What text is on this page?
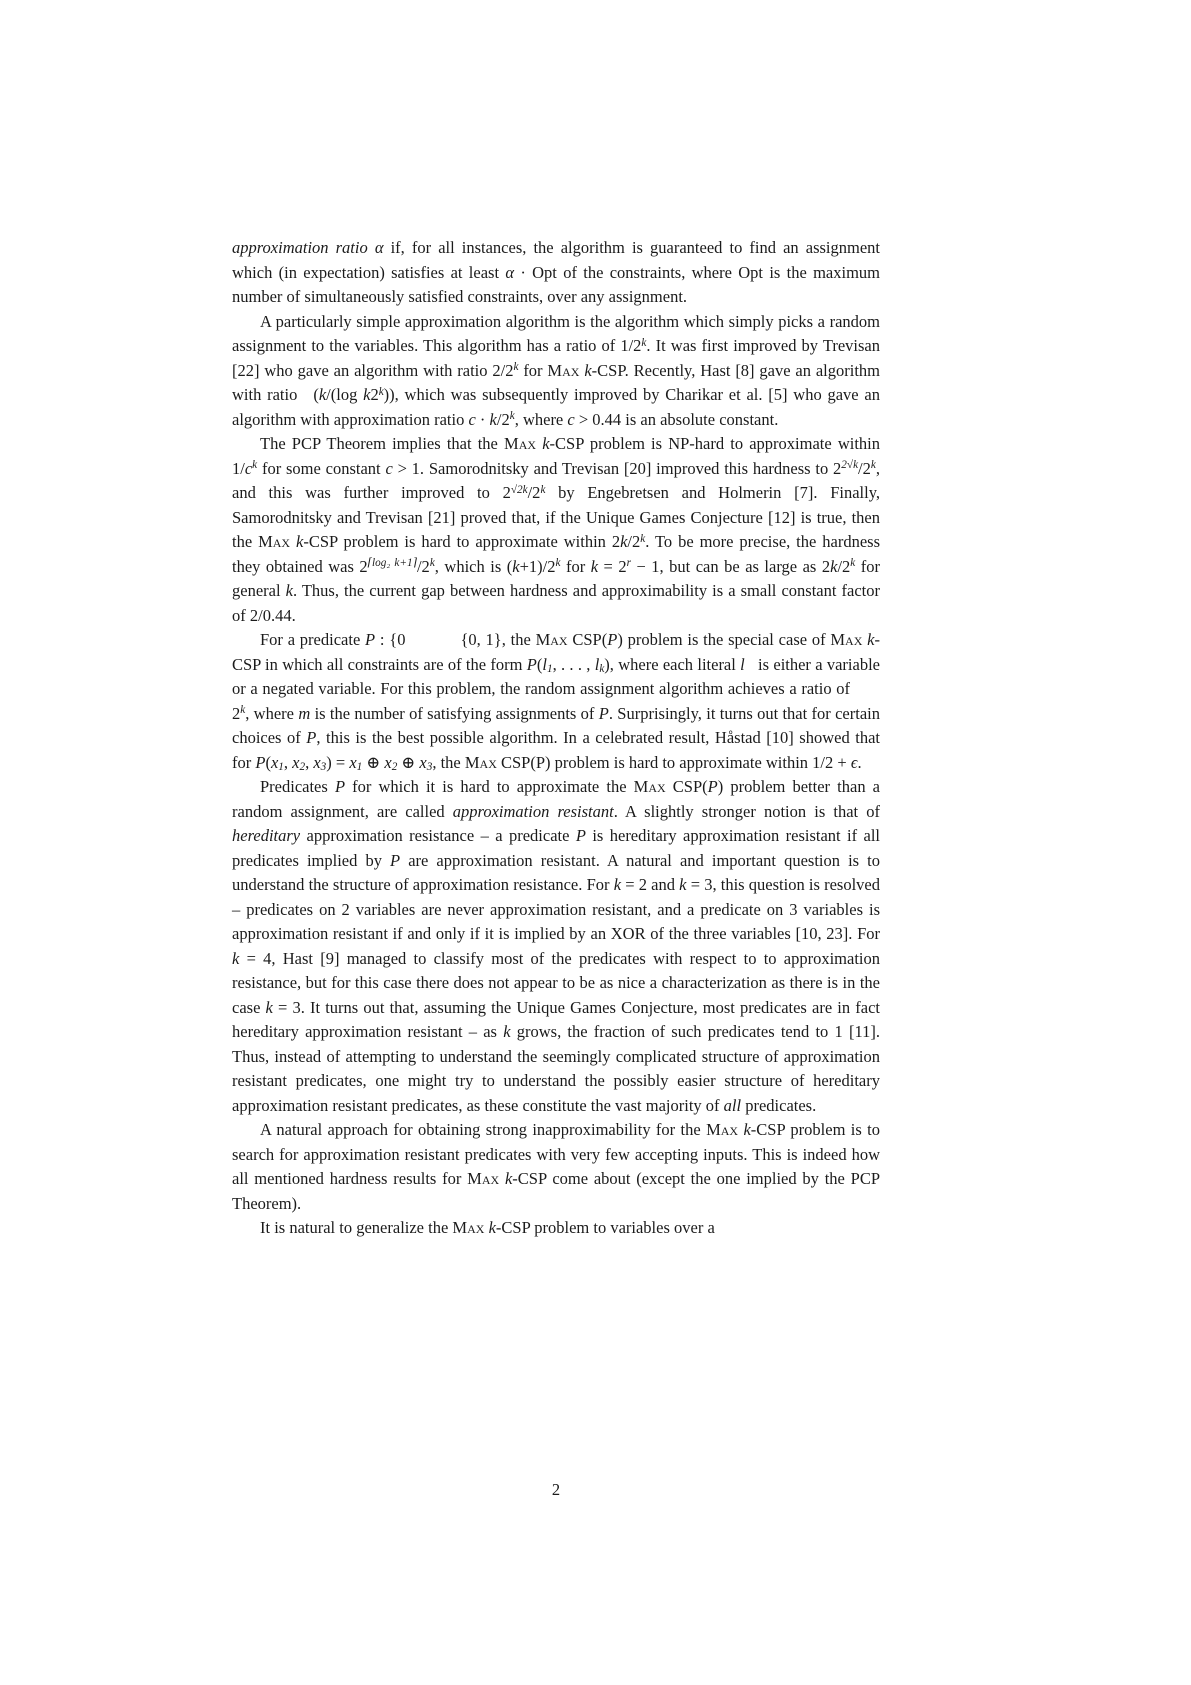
approximation ratio α if, for all instances, the algorithm is guaranteed to find an assignment which (in expectation) satisfies at least α · Opt of the constraints, where Opt is the maximum number of simultaneously satisfied constraints, over any assignment.

A particularly simple approximation algorithm is the algorithm which simply picks a random assignment to the variables. This algorithm has a ratio of 1/2$^k$. It was first improved by Trevisan [22] who gave an algorithm with ratio 2/2$^k$ for Max k-CSP. Recently, Hast [8] gave an algorithm with ratio (k/(log k2$^k$)), which was subsequently improved by Charikar et al. [5] who gave an algorithm with approximation ratio $c \cdot k/2^k$, where c > 0.44 is an absolute constant.

The PCP Theorem implies that the Max k-CSP problem is NP-hard to approximate within $1/c^k$ for some constant c > 1. Samorodnitsky and Trevisan [20] improved this hardness to $2^{2√k}/2^k$, and this was further improved to $2^{√2k}/2^k$ by Engebretsen and Holmerin [7]. Finally, Samorodnitsky and Trevisan [21] proved that, if the Unique Games Conjecture [12] is true, then the Max k-CSP problem is hard to approximate within 2k/2$^k$. To be more precise, the hardness they obtained was $2^{⌈log_2 k+1⌉}/2^k$, which is $(k+1)/2^k$ for $k = 2^r - 1$, but can be as large as 2k/2$^k$ for general k. Thus, the current gap between hardness and approximability is a small constant factor of 2/0.44.

For a predicate P : {0	{0, 1}, the Max CSP(P) problem is the special case of Max k-CSP in which all constraints are of the form $P(l_1$, . . . , $l_k$), where each literal l is either a variable or a negated variable. For this problem, the random assignment algorithm achieves a ratio of2$^k$, where m is the number of satisfying assignments of P. Surprisingly, it turns out that for certain choices of P, this is the best possible algorithm. In a celebrated result, Håstad [10] showed that for $P(x_1$, $x_2$, $x_3) = x_1$ ⊕ $x_2$ ⊕ $x_3$, the Max CSP(P) problem is hard to approximate within 1/2 + ϵ.

Predicates P for which it is hard to approximate the Max CSP(P) problem better than a random assignment, are called approximation resistant. A slightly stronger notion is that of hereditary approximation resistance – a predicate P is hereditary approximation resistant if all predicates implied by P are approximation resistant. A natural and important question is to understand the structure of approximation resistance. For k = 2 and k = 3, this question is resolved – predicates on 2 variables are never approximation resistant, and a predicate on 3 variables is approximation resistant if and only if it is implied by an XOR of the three variables [10, 23]. For k = 4, Hast [9] managed to classify most of the predicates with respect to to approximation resistance, but for this case there does not appear to be as nice a characterization as there is in the case k = 3. It turns out that, assuming the Unique Games Conjecture, most predicates are in fact hereditary approximation resistant – as k grows, the fraction of such predicates tend to 1 [11]. Thus, instead of attempting to understand the seemingly complicated structure of approximation resistant predicates, one might try to understand the possibly easier structure of hereditary approximation resistant predicates, as these constitute the vast majority of all predicates.

A natural approach for obtaining strong inapproximability for the Max k-CSP problem is to search for approximation resistant predicates with very few accepting inputs. This is indeed how all mentioned hardness results for Max k-CSP come about (except the one implied by the PCP Theorem).

It is natural to generalize the Max k-CSP problem to variables over a

2
